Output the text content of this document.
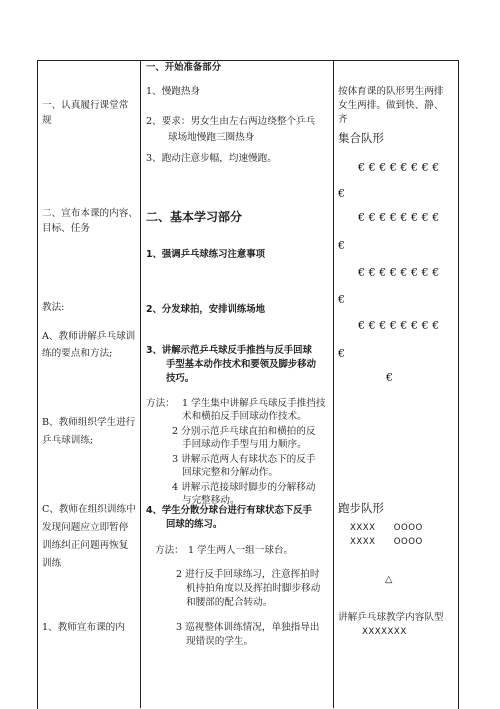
一、认真履行课堂常
规
二、宣布本课的内容、
目标、任务
教法:
A、教师讲解乒乓球训
练的要点和方法;
B、教师组织学生进行
乒乓球训练;
C、教师在组织训练中
发现问题应立即暂停
训练纠正问题再恢复
训练
1、教师宣布课的内
一、开始准备部分
1、慢跑热身
2、要求：男女生由左右两边绕整个乒乓
球场地慢跑三圈热身
3、跑动注意步幅，均速慢跑。
二、基本学习部分
1、强调乒乓球练习注意事项
2、分发球拍，安排训练场地
3、讲解示范乒乓球反手推挡与反手回球
手型基本动作技术和要领及脚步移动
技巧。
方法： 1 学生集中讲解乒乓球反手推挡技
术和横拍反手回球动作技术。
2 分别示范乒乓球直拍和横拍的反
手回球动作手型与用力顺序。
3 讲解示范两人有球状态下的反手
回球完整和分解动作。
4 讲解示范接球时脚步的分解移动
与完整移动。
4、学生分散分球台进行有球状态下反手
回球的练习。
方法： 1 学生两人一组一球台。
2 进行反手回球练习，注意挥拍时
机持拍角度以及挥拍时脚步移动
和腰部的配合转动。
3 巡视整体训练情况，单独指导出
现错误的学生。
按体育课的队形男生两排
女生两排。做到快、静、
齐
集合队形
€€€€€€€€
€
€€€€€€€€
€
€€€€€€€€
€
€€€€€€€€
€
€
跑步队形
XXXX　　OOOO
XXXX　　OOOO
△
讲解乒乓球教学内容队型
XXXXXXX
